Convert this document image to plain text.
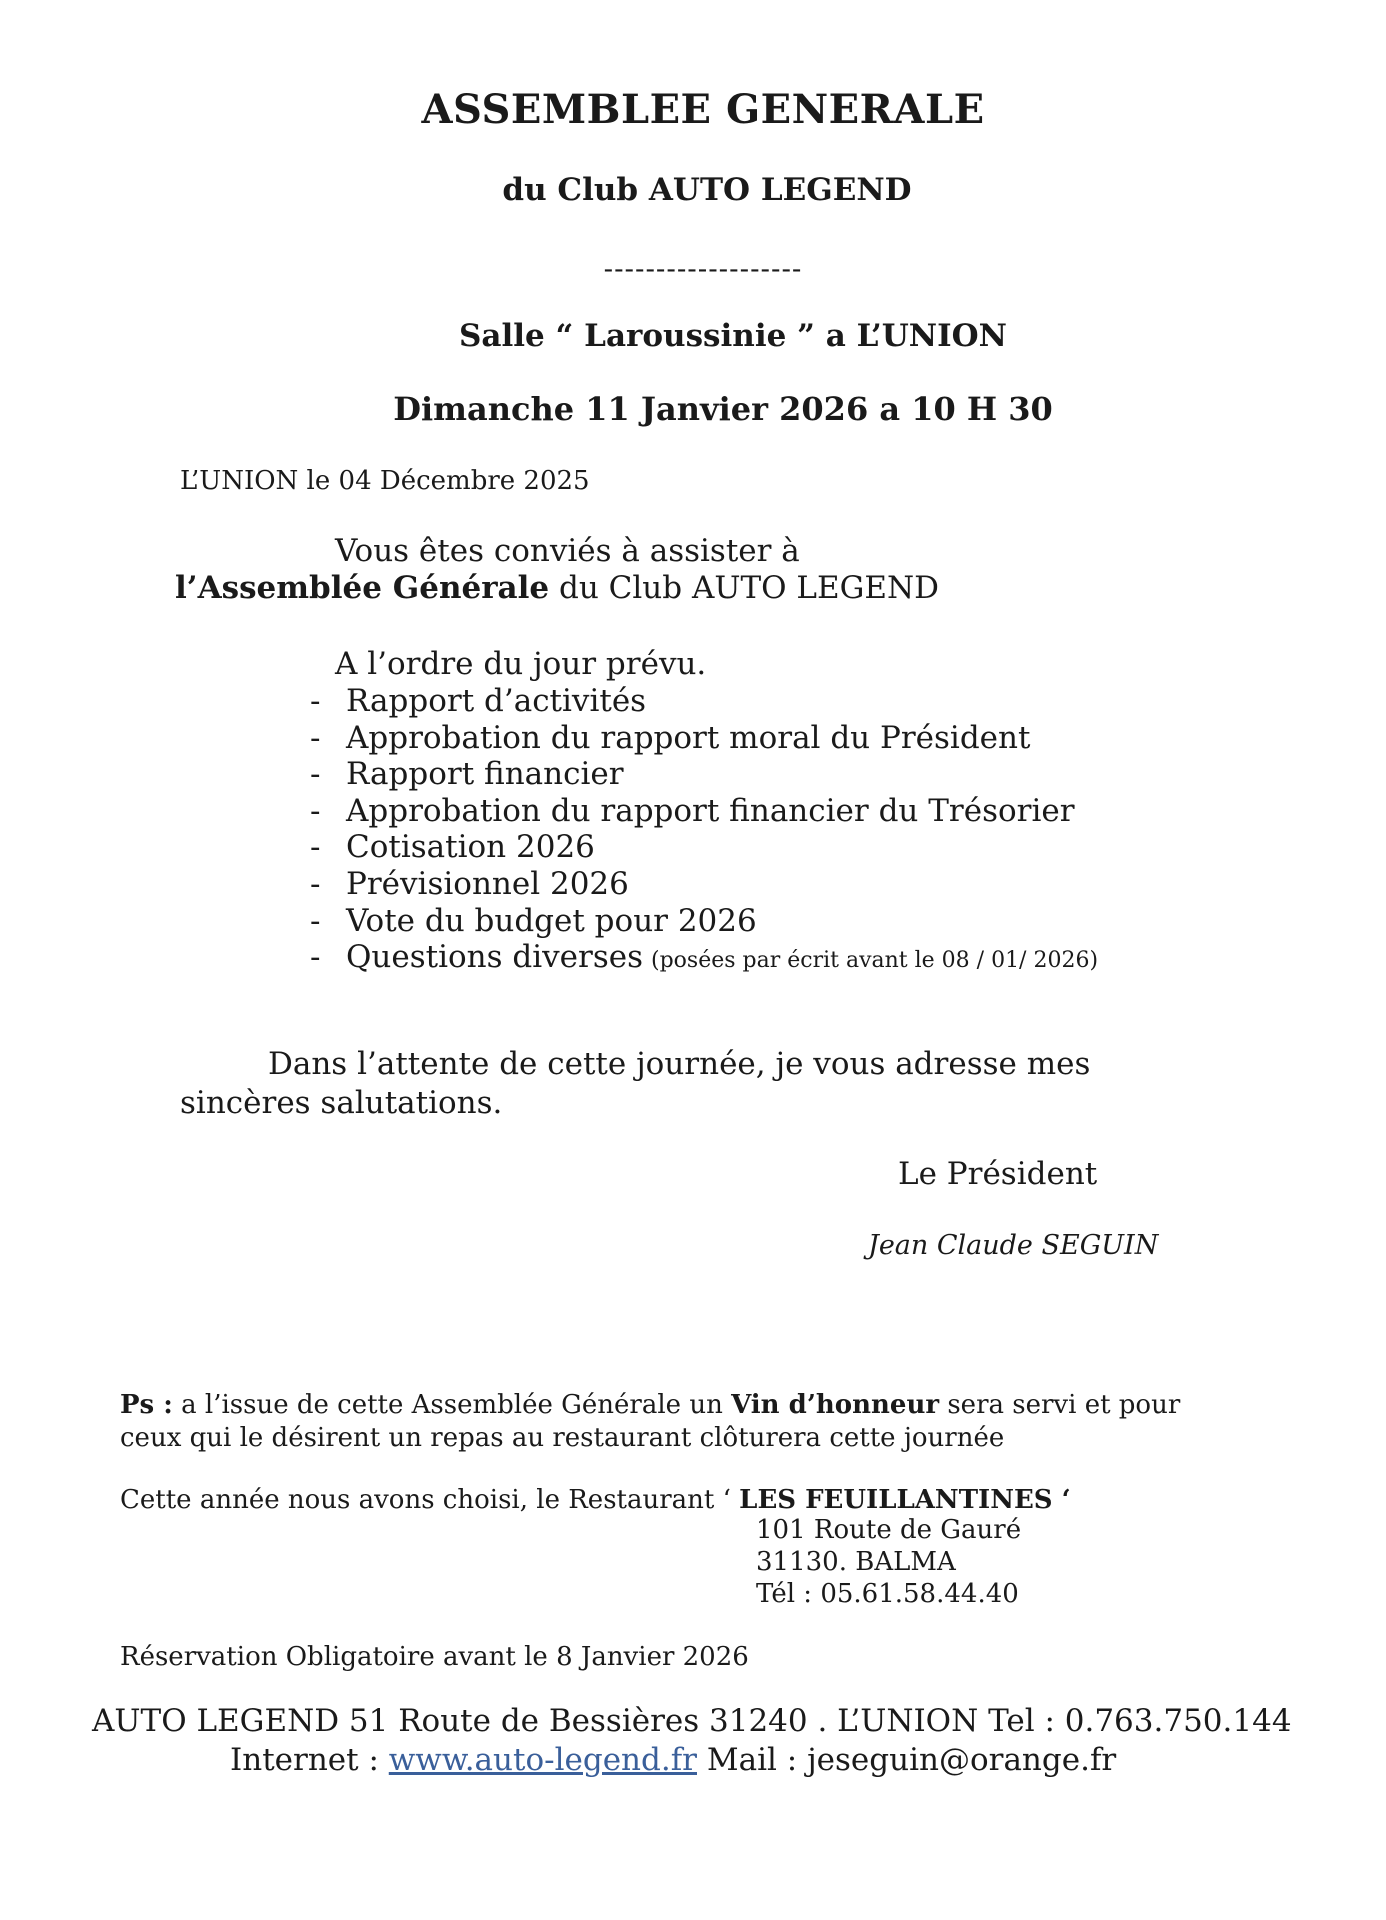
ASSEMBLEE GENERALE
du Club AUTO LEGEND
-------------------
Salle “ Laroussinie ” a L’UNION
Dimanche 11 Janvier 2026 a 10 H 30
L’UNION le 04 Décembre 2025
Vous êtes conviés à assister à
l’Assemblée Générale du Club AUTO LEGEND
A l’ordre du jour prévu.
- Rapport d’activités
- Approbation du rapport moral du Président
- Rapport financier
- Approbation du rapport financier du Trésorier
- Cotisation 2026
- Prévisionnel 2026
- Vote du budget pour 2026
- Questions diverses (posées par écrit avant le 08 / 01/ 2026)
Dans l’attente de cette journée, je vous adresse mes
sincères salutations.
Le Président
Jean Claude SEGUIN
Ps : a l’issue de cette Assemblée Générale un Vin d’honneur sera servi et pour
ceux qui le désirent un repas au restaurant clôturera cette journée
Cette année nous avons choisi, le Restaurant ‘ LES FEUILLANTINES ‘
101 Route de Gauré
31130. BALMA
Tél : 05.61.58.44.40
Réservation Obligatoire avant le 8 Janvier 2026
AUTO LEGEND 51 Route de Bessières 31240 . L’UNION Tel : 0.763.750.144
Internet : www.auto-legend.fr Mail : jeseguin@orange.fr
